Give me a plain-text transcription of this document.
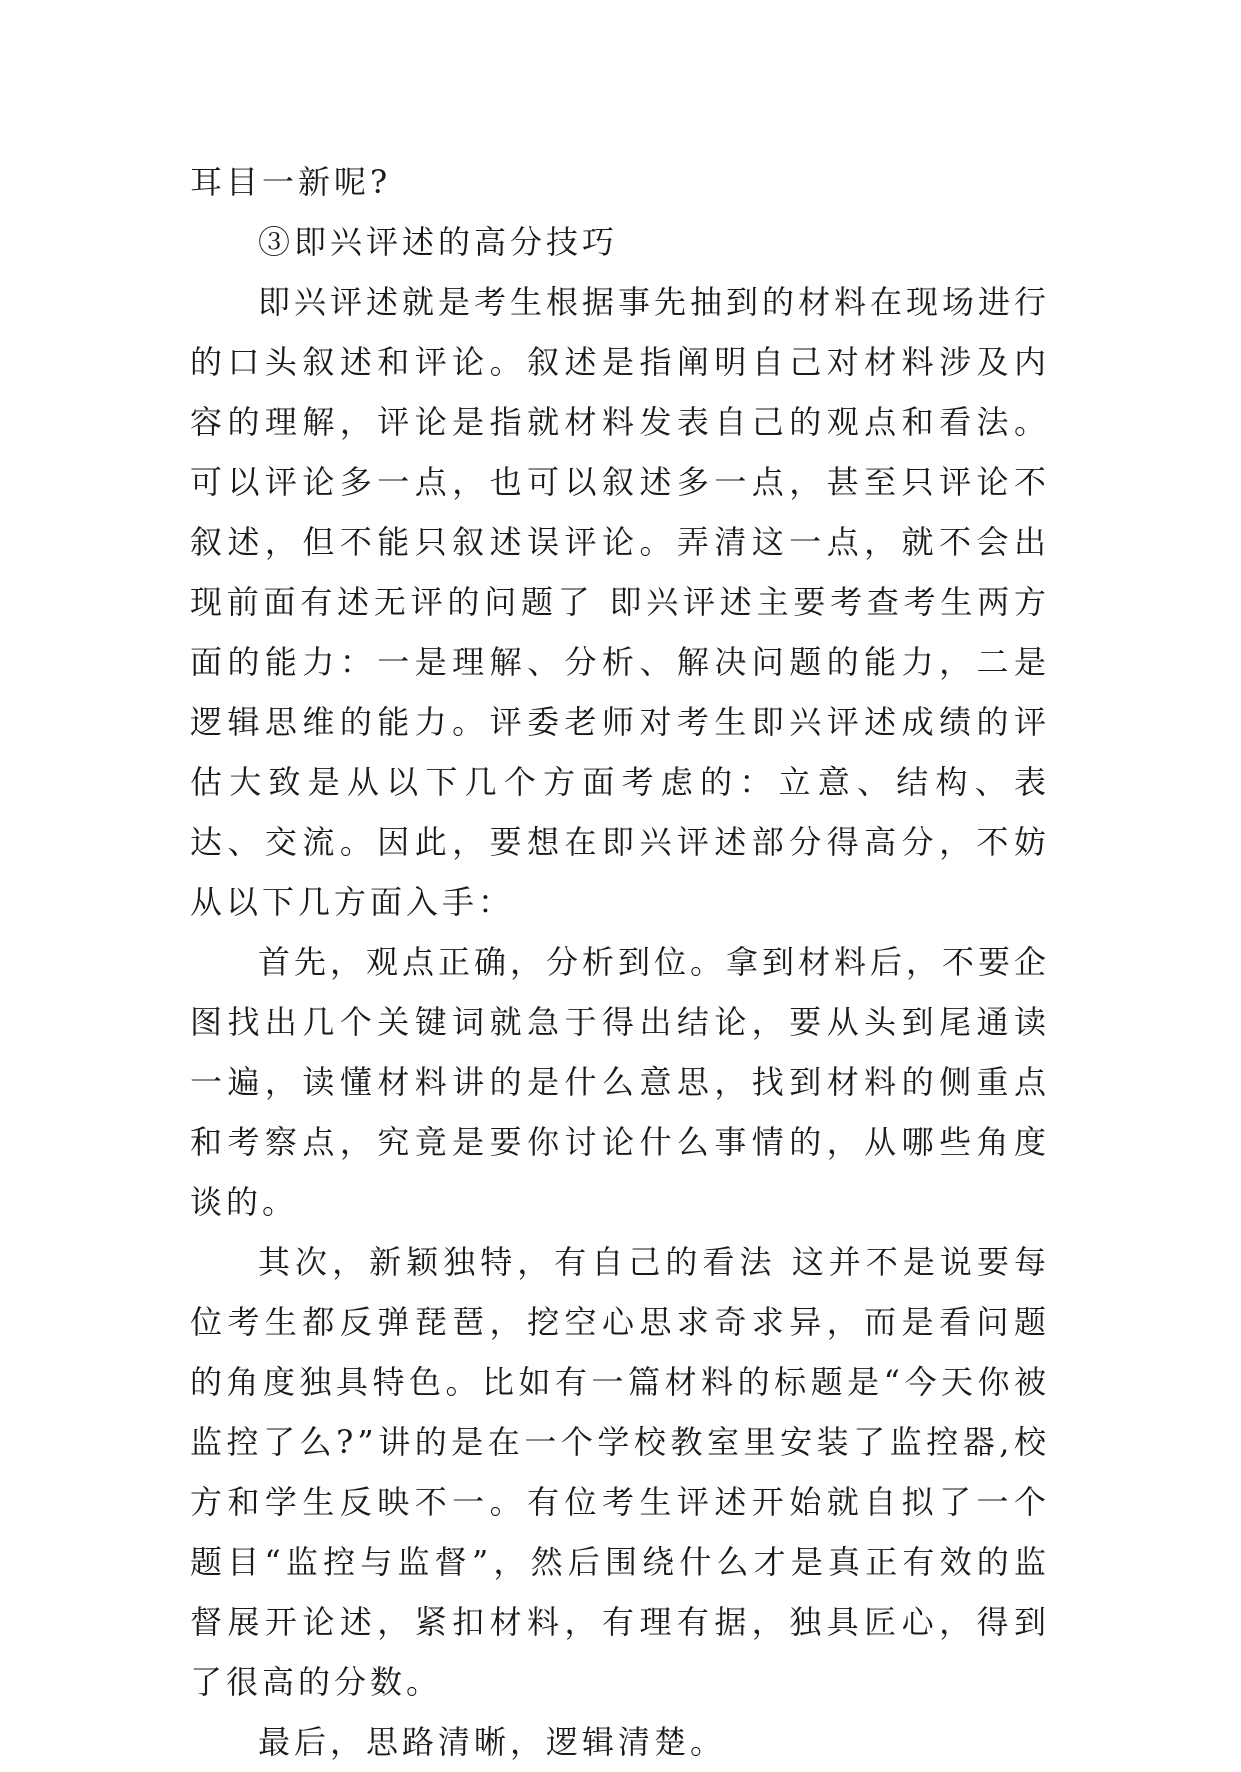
耳目一新呢?

③即兴评述的高分技巧

即兴评述就是考生根据事先抽到的材料在现场进行的口头叙述和评论。叙述是指阐明自己对材料涉及内容的理解，评论是指就材料发表自己的观点和看法。可以评论多一点，也可以叙述多一点，甚至只评论不叙述，但不能只叙述误评论。弄清这一点，就不会出现前面有述无评的问题了 即兴评述主要考查考生两方面的能力：一是理解、分析、解决问题的能力，二是逻辑思维的能力。评委老师对考生即兴评述成绩的评估大致是从以下几个方面考虑的：立意、结构、表达、交流。因此，要想在即兴评述部分得高分，不妨从以下几方面入手：

首先，观点正确，分析到位。拿到材料后，不要企图找出几个关键词就急于得出结论，要从头到尾通读一遍，读懂材料讲的是什么意思，找到材料的侧重点和考察点，究竟是要你讨论什么事情的，从哪些角度谈的。

其次，新颖独特，有自己的看法 这并不是说要每位考生都反弹琵琶，挖空心思求奇求异，而是看问题的角度独具特色。比如有一篇材料的标题是“今天你被监控了么?”讲的是在一个学校教室里安装了监控器,校方和学生反映不一。有位考生评述开始就自拟了一个题目“监控与监督”，然后围绕什么才是真正有效的监督展开论述，紧扣材料，有理有据，独具匠心，得到了很高的分数。

最后，思路清晰，逻辑清楚。
